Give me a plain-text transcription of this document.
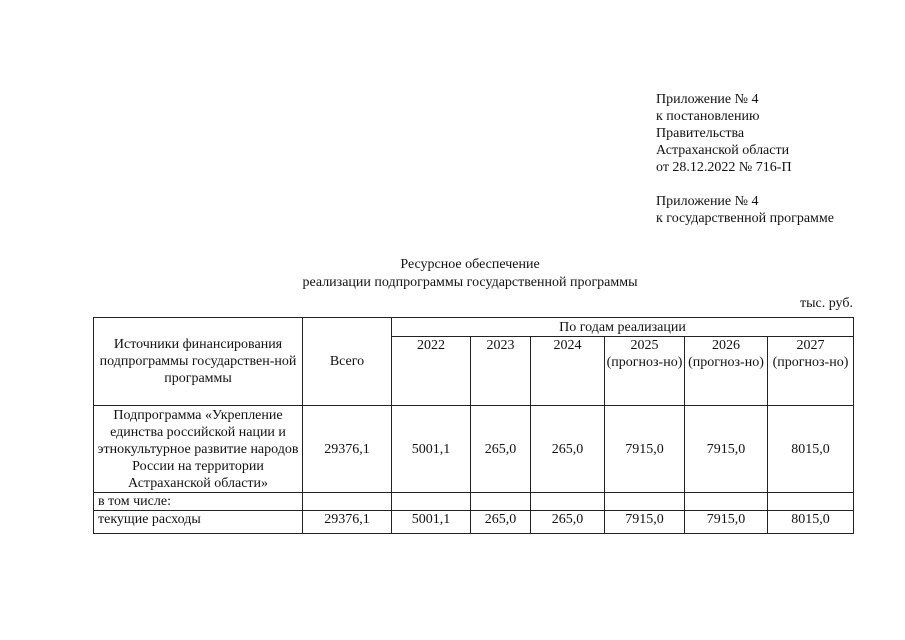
Приложение № 4
к постановлению
Правительства
Астраханской области
от 28.12.2022 № 716-П
Приложение № 4
к государственной программе
Ресурсное обеспечение
реализации подпрограммы государственной программы
тыс. руб.
Источники финансирования подпрограммы государствен-ной программы	Всего	По годам реализации					
		2022	2023	2024	2025 (прогноз-но)	2026 (прогноз-но)	2027 (прогноз-но)
Подпрограмма «Укрепление единства российской нации и этнокультурное развитие народов России на территории Астраханской области»	29376,1	5001,1	265,0	265,0	7915,0	7915,0	8015,0
в том числе:							
текущие расходы	29376,1	5001,1	265,0	265,0	7915,0	7915,0	8015,0
